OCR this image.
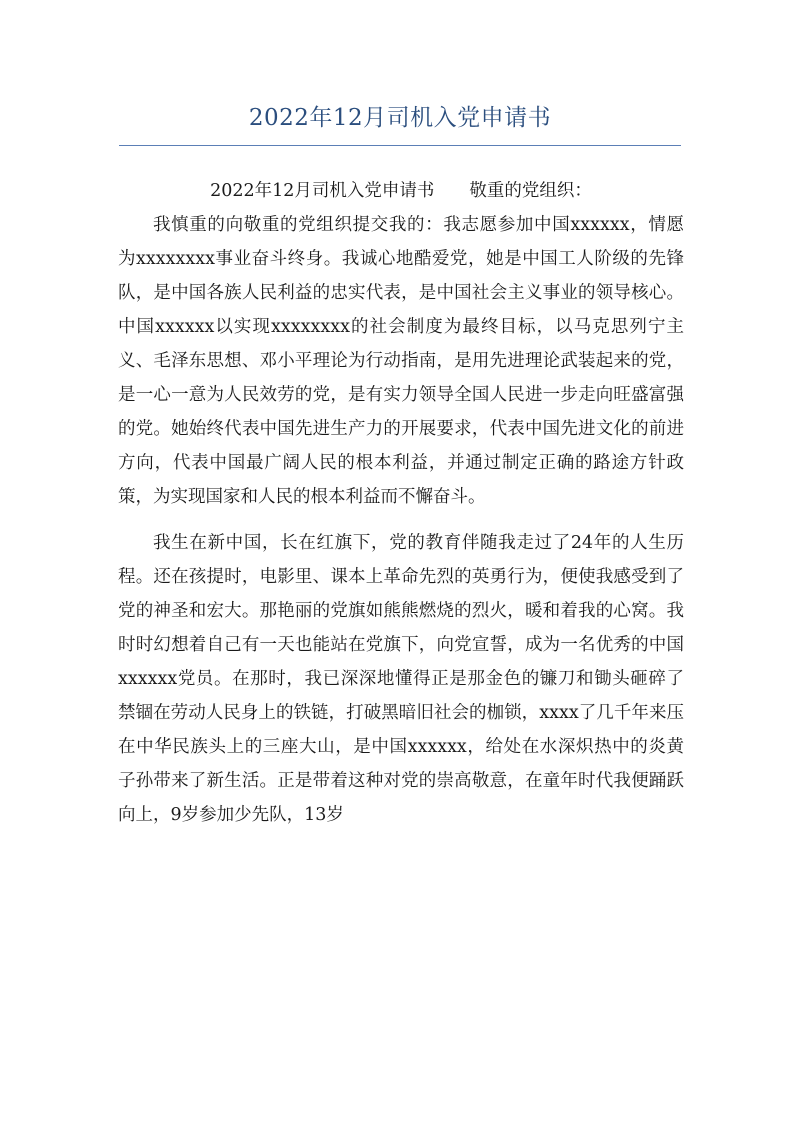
2022年12月司机入党申请书

2022年12月司机入党申请书　　敬重的党组织：

我慎重的向敬重的党组织提交我的：我志愿参加中国xxxxxx，情愿为xxxxxxxx事业奋斗终身。我诚心地酷爱党，她是中国工人阶级的先锋队，是中国各族人民利益的忠实代表，是中国社会主义事业的领导核心。中国xxxxxx以实现xxxxxxxx的社会制度为最终目标，以马克思列宁主义、毛泽东思想、邓小平理论为行动指南，是用先进理论武装起来的党，是一心一意为人民效劳的党，是有实力领导全国人民进一步走向旺盛富强的党。她始终代表中国先进生产力的开展要求，代表中国先进文化的前进方向，代表中国最广阔人民的根本利益，并通过制定正确的路途方针政策，为实现国家和人民的根本利益而不懈奋斗。

我生在新中国，长在红旗下，党的教育伴随我走过了24年的人生历程。还在孩提时，电影里、课本上革命先烈的英勇行为，便使我感受到了党的神圣和宏大。那艳丽的党旗如熊熊燃烧的烈火，暖和着我的心窝。我时时幻想着自己有一天也能站在党旗下，向党宣誓，成为一名优秀的中国xxxxxx党员。在那时，我已深深地懂得正是那金色的镰刀和锄头砸碎了禁锢在劳动人民身上的铁链，打破黑暗旧社会的枷锁，xxxx了几千年来压在中华民族头上的三座大山，是中国xxxxxx，给处在水深炽热中的炎黄子孙带来了新生活。正是带着这种对党的崇高敬意，在童年时代我便踊跃向上，9岁参加少先队，13岁
